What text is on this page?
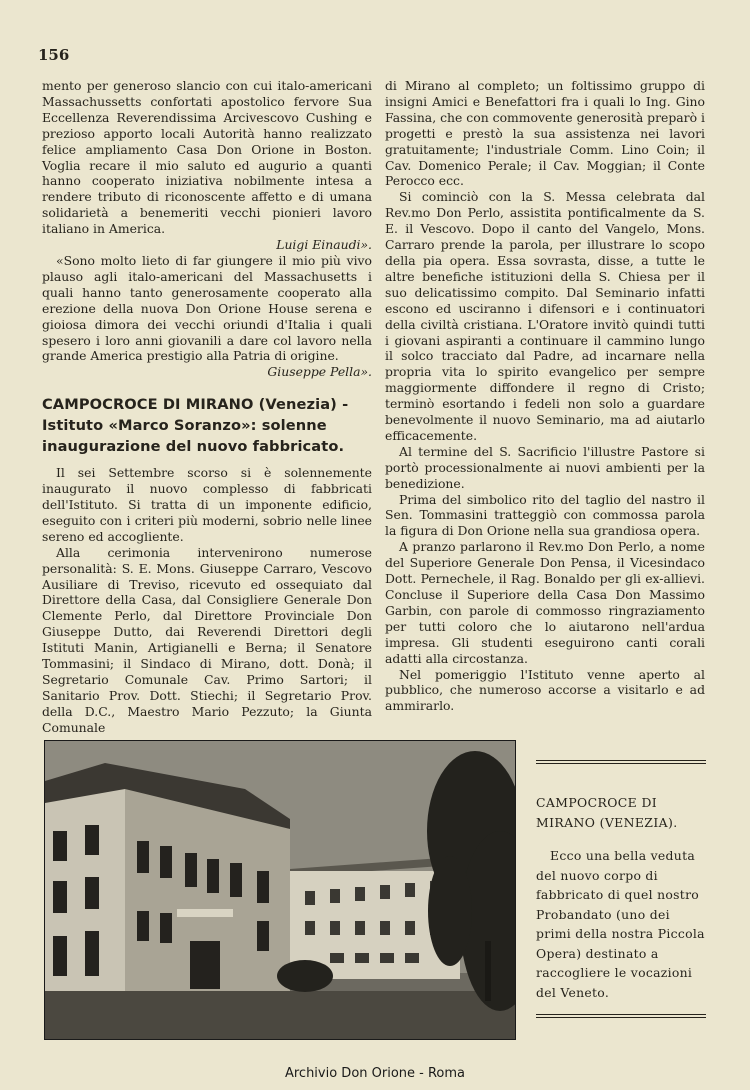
156

mento per generoso slancio con cui italo-americani Massachussetts confortati apostolico fervore Sua Eccellenza Reverendissima Arcivescovo Cushing e prezioso apporto locali Autorità hanno realizzato felice ampliamento Casa Don Orione in Boston. Voglia recare il mio saluto ed augurio a quanti hanno cooperato iniziativa nobilmente intesa a rendere tributo di riconoscente affetto e di umana solidarietà a benemeriti vecchi pionieri lavoro italiano in America.

Luigi Einaudi».

«Sono molto lieto di far giungere il mio più vivo plauso agli italo-americani del Massachusetts i quali hanno tanto generosamente cooperato alla erezione della nuova Don Orione House serena e gioiosa dimora dei vecchi oriundi d'Italia i quali spesero i loro anni giovanili a dare col lavoro nella grande America prestigio alla Patria di origine.

Giuseppe Pella».

CAMPOCROCE DI MIRANO (Venezia) - Istituto «Marco Soranzo»: solenne inaugurazione del nuovo fabbricato.

Il sei Settembre scorso si è solennemente inaugurato il nuovo complesso di fabbricati dell'Istituto. Si tratta di un imponente edificio, eseguito con i criteri più moderni, sobrio nelle linee sereno ed accogliente.

Alla cerimonia intervenirono numerose personalità: S. E. Mons. Giuseppe Carraro, Vescovo Ausiliare di Treviso, ricevuto ed ossequiato dal Direttore della Casa, dal Consigliere Generale Don Clemente Perlo, dal Direttore Provinciale Don Giuseppe Dutto, dai Reverendi Direttori degli Istituti Manin, Artigianelli e Berna; il Senatore Tommasini; il Sindaco di Mirano, dott. Donà; il Segretario Comunale Cav. Primo Sartori; il Sanitario Prov. Dott. Stiechi; il Segretario Prov. della D.C., Maestro Mario Pezzuto; la Giunta Comunale

di Mirano al completo; un foltissimo gruppo di insigni Amici e Benefattori fra i quali lo Ing. Gino Fassina, che con commovente generosità preparò i progetti e prestò la sua assistenza nei lavori gratuitamente; l'industriale Comm. Lino Coin; il Cav. Domenico Perale; il Cav. Moggian; il Conte Perocco ecc.

Si cominciò con la S. Messa celebrata dal Rev.mo Don Perlo, assistita pontificalmente da S. E. il Vescovo. Dopo il canto del Vangelo, Mons. Carraro prende la parola, per illustrare lo scopo della pia opera. Essa sovrasta, disse, a tutte le altre benefiche istituzioni della S. Chiesa per il suo delicatissimo compito. Dal Seminario infatti escono ed usciranno i difensori e i continuatori della civiltà cristiana. L'Oratore invitò quindi tutti i giovani aspiranti a continuare il cammino lungo il solco tracciato dal Padre, ad incarnare nella propria vita lo spirito evangelico per sempre maggiormente diffondere il regno di Cristo; terminò esortando i fedeli non solo a guardare benevolmente il nuovo Seminario, ma ad aiutarlo efficacemente.

Al termine del S. Sacrificio l'illustre Pastore si portò processionalmente ai nuovi ambienti per la benedizione.

Prima del simbolico rito del taglio del nastro il Sen. Tommasini tratteggiò con commossa parola la figura di Don Orione nella sua grandiosa opera.

A pranzo parlarono il Rev.mo Don Perlo, a nome del Superiore Generale Don Pensa, il Vicesindaco Dott. Pernechele, il Rag. Bonaldo per gli ex-allievi. Concluse il Superiore della Casa Don Massimo Garbin, con parole di commosso ringraziamento per tutti coloro che lo aiutarono nell'ardua impresa. Gli studenti eseguirono canti corali adatti alla circostanza.

Nel pomeriggio l'Istituto venne aperto al pubblico, che numeroso accorse a visitarlo e ad ammirarlo.

CAMPOCROCE DI MIRANO (VENEZIA).

Ecco una bella veduta del nuovo corpo di fabbricato di quel nostro Probandato (uno dei primi della nostra Piccola Opera) destinato a raccogliere le vocazioni del Veneto.

Archivio Don Orione - Roma
